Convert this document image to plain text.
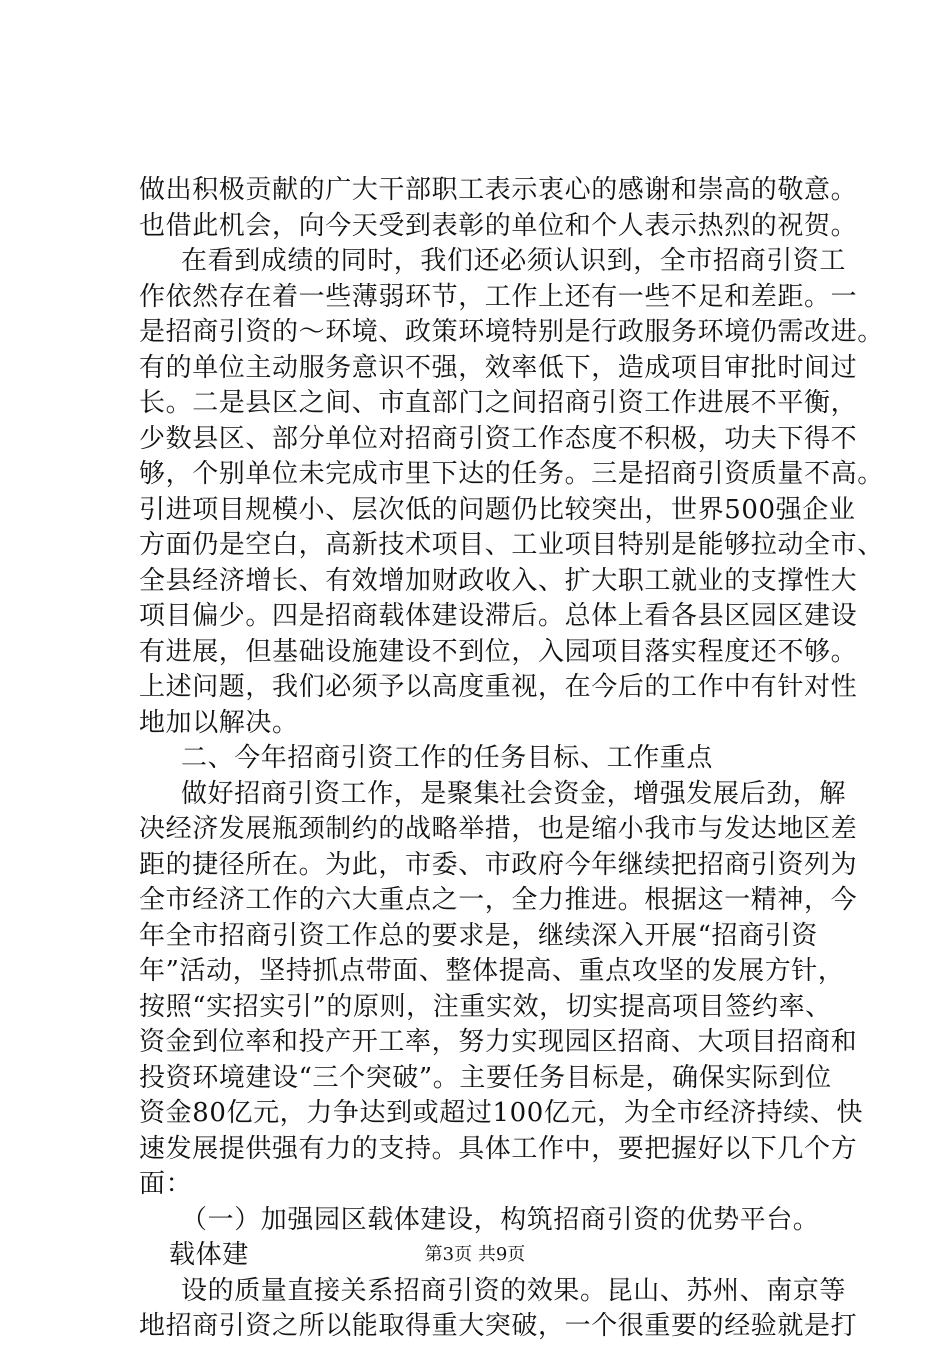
做出积极贡献的广大干部职工表示衷心的感谢和崇高的敬意。
也借此机会，向今天受到表彰的单位和个人表示热烈的祝贺。
在看到成绩的同时，我们还必须认识到，全市招商引资工
作依然存在着一些薄弱环节，工作上还有一些不足和差距。一
是招商引资的～环境、政策环境特别是行政服务环境仍需改进。
有的单位主动服务意识不强，效率低下，造成项目审批时间过
长。二是县区之间、市直部门之间招商引资工作进展不平衡，
少数县区、部分单位对招商引资工作态度不积极，功夫下得不
够，个别单位未完成市里下达的任务。三是招商引资质量不高。
引进项目规模小、层次低的问题仍比较突出，世界500强企业
方面仍是空白，高新技术项目、工业项目特别是能够拉动全市、
全县经济增长、有效增加财政收入、扩大职工就业的支撑性大
项目偏少。四是招商载体建设滞后。总体上看各县区园区建设
有进展，但基础设施建设不到位，入园项目落实程度还不够。
上述问题，我们必须予以高度重视，在今后的工作中有针对性
地加以解决。
二、今年招商引资工作的任务目标、工作重点
做好招商引资工作，是聚集社会资金，增强发展后劲，解
决经济发展瓶颈制约的战略举措，也是缩小我市与发达地区差
距的捷径所在。为此，市委、市政府今年继续把招商引资列为
全市经济工作的六大重点之一，全力推进。根据这一精神，今
年全市招商引资工作总的要求是，继续深入开展“招商引资
年”活动，坚持抓点带面、整体提高、重点攻坚的发展方针，
按照“实招实引”的原则，注重实效，切实提高项目签约率、
资金到位率和投产开工率，努力实现园区招商、大项目招商和
投资环境建设“三个突破”。主要任务目标是，确保实际到位
资金80亿元，力争达到或超过100亿元，为全市经济持续、快
速发展提供强有力的支持。具体工作中，要把握好以下几个方
面：
（一）加强园区载体建设，构筑招商引资的优势平台。
载体建
设的质量直接关系招商引资的效果。昆山、苏州、南京等
地招商引资之所以能取得重大突破，一个很重要的经验就是打
第3页 共9页
